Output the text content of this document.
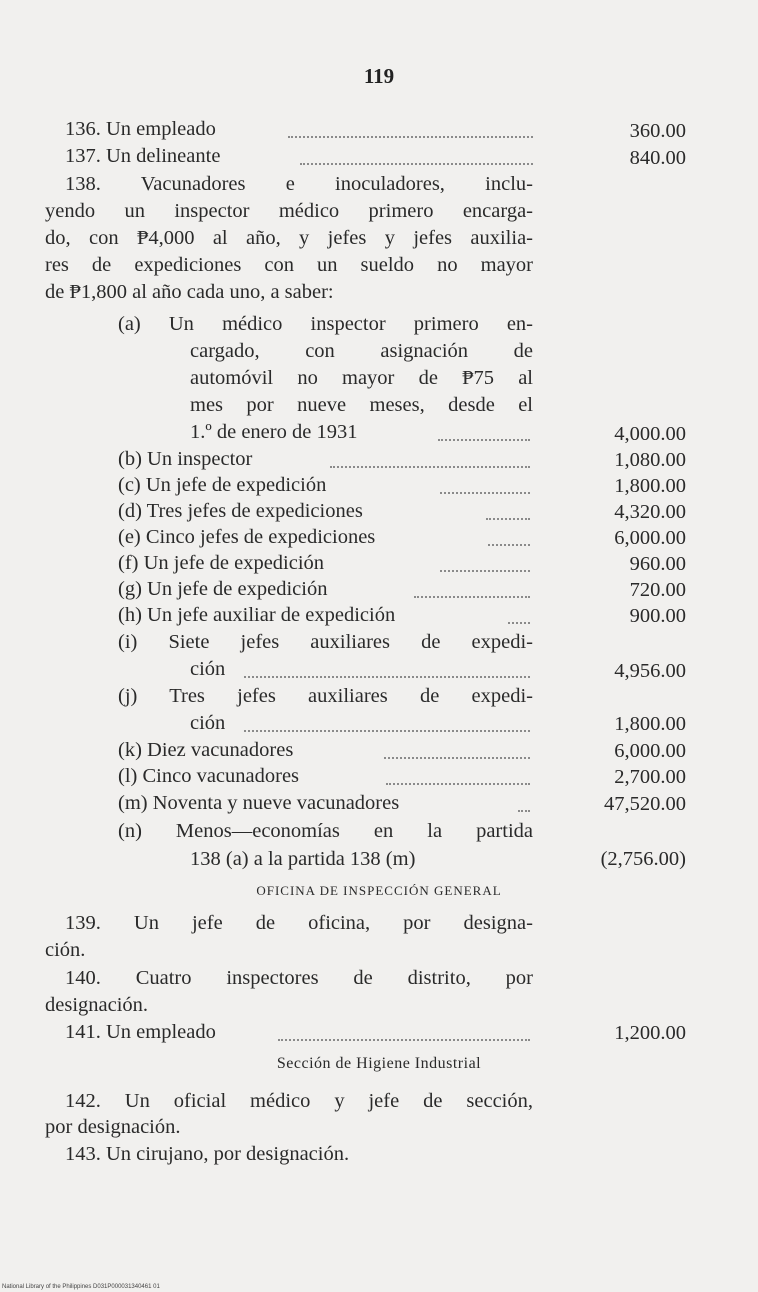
119
136. Un empleado	360.00
137. Un delineante	840.00
138. Vacunadores e inoculadores, inclu-
yendo un inspector médico primero encarga-
do, con ₱4,000 al año, y jefes y jefes auxilia-
res de expediciones con un sueldo no mayor
de ₱1,800 al año cada uno, a saber:
(a) Un médico inspector primero en-
cargado, con asignación de
automóvil no mayor de ₱75 al
mes por nueve meses, desde el
1.º de enero de 1931	4,000.00
(b) Un inspector	1,080.00
(c) Un jefe de expedición	1,800.00
(d) Tres jefes de expediciones	4,320.00
(e) Cinco jefes de expediciones	6,000.00
(f) Un jefe de expedición	960.00
(g) Un jefe de expedición	720.00
(h) Un jefe auxiliar de expedición	900.00
(i) Siete jefes auxiliares de expedi-
ción	4,956.00
(j) Tres jefes auxiliares de expedi-
ción	1,800.00
(k) Diez vacunadores	6,000.00
(l) Cinco vacunadores	2,700.00
(m) Noventa y nueve vacunadores	47,520.00
(n) Menos—economías en la partida
138 (a) a la partida 138 (m)	(2,756.00)
OFICINA DE INSPECCIÓN GENERAL
139. Un jefe de oficina, por designa-
ción.
140. Cuatro inspectores de distrito, por
designación.
141. Un empleado	1,200.00
Sección de Higiene Industrial
142. Un oficial médico y jefe de sección,
por designación.
143. Un cirujano, por designación.
National Library of the Philippines D031P000031340461 01
